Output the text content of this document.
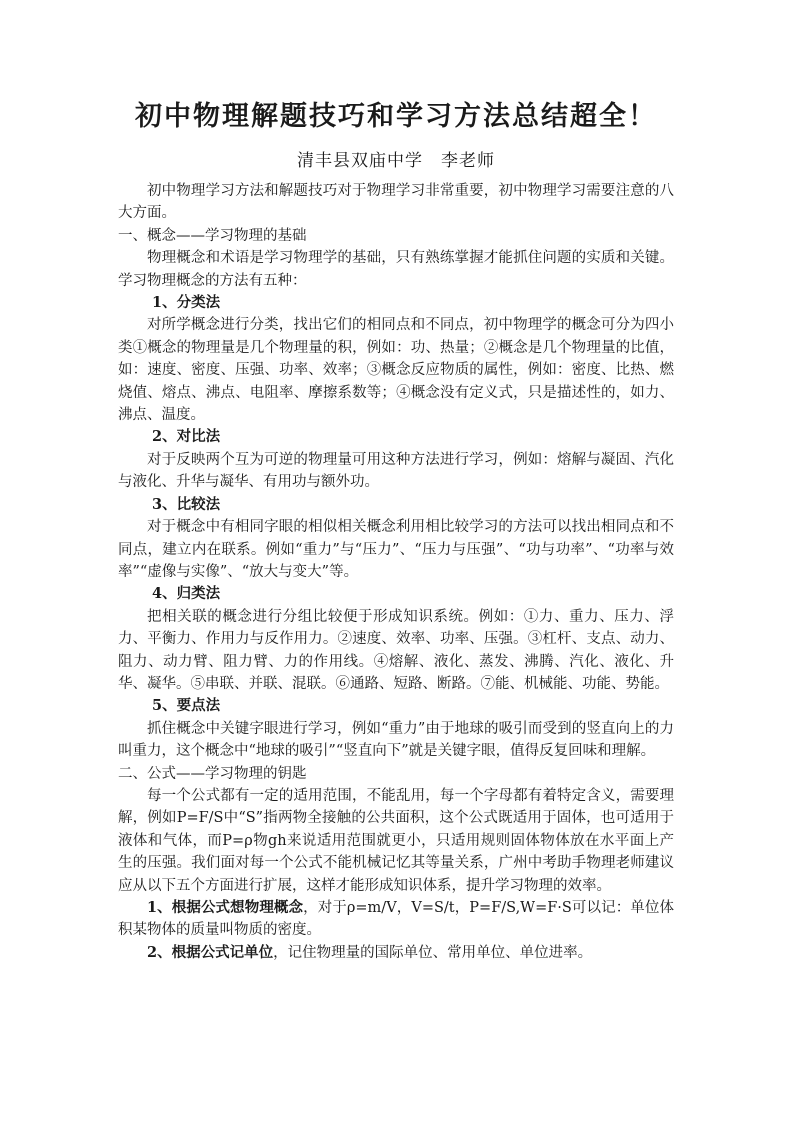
初中物理解题技巧和学习方法总结超全！

清丰县双庙中学　李老师

初中物理学习方法和解题技巧对于物理学习非常重要，初中物理学习需要注意的八大方面。

一、概念——学习物理的基础

物理概念和术语是学习物理学的基础，只有熟练掌握才能抓住问题的实质和关键。学习物理概念的方法有五种：

1、分类法

对所学概念进行分类，找出它们的相同点和不同点，初中物理学的概念可分为四小类①概念的物理量是几个物理量的积，例如：功、热量；②概念是几个物理量的比值，如：速度、密度、压强、功率、效率；③概念反应物质的属性，例如：密度、比热、燃烧值、熔点、沸点、电阻率、摩擦系数等；④概念没有定义式，只是描述性的，如力、沸点、温度。

2、对比法

对于反映两个互为可逆的物理量可用这种方法进行学习，例如：熔解与凝固、汽化与液化、升华与凝华、有用功与额外功。

3、比较法

对于概念中有相同字眼的相似相关概念利用相比较学习的方法可以找出相同点和不同点，建立内在联系。例如“重力”与“压力”、“压力与压强”、“功与功率”、“功率与效率”“虚像与实像”、“放大与变大”等。

4、归类法

把相关联的概念进行分组比较便于形成知识系统。例如：①力、重力、压力、浮力、平衡力、作用力与反作用力。②速度、效率、功率、压强。③杠杆、支点、动力、阻力、动力臂、阻力臂、力的作用线。④熔解、液化、蒸发、沸腾、汽化、液化、升华、凝华。⑤串联、并联、混联。⑥通路、短路、断路。⑦能、机械能、功能、势能。

5、要点法

抓住概念中关键字眼进行学习，例如“重力”由于地球的吸引而受到的竖直向上的力叫重力，这个概念中“地球的吸引”“竖直向下”就是关键字眼，值得反复回味和理解。

二、公式——学习物理的钥匙

每一个公式都有一定的适用范围，不能乱用，每一个字母都有着特定含义，需要理解，例如P=F/S中“S”指两物全接触的公共面积，这个公式既适用于固体，也可适用于液体和气体，而P=ρ物gh来说适用范围就更小，只适用规则固体物体放在水平面上产生的压强。我们面对每一个公式不能机械记忆其等量关系，广州中考助手物理老师建议应从以下五个方面进行扩展，这样才能形成知识体系，提升学习物理的效率。

1、根据公式想物理概念，对于ρ=m/V，V=S/t，P=F/S,W=F·S可以记：单位体积某物体的质量叫物质的密度。

2、根据公式记单位，记住物理量的国际单位、常用单位、单位进率。
